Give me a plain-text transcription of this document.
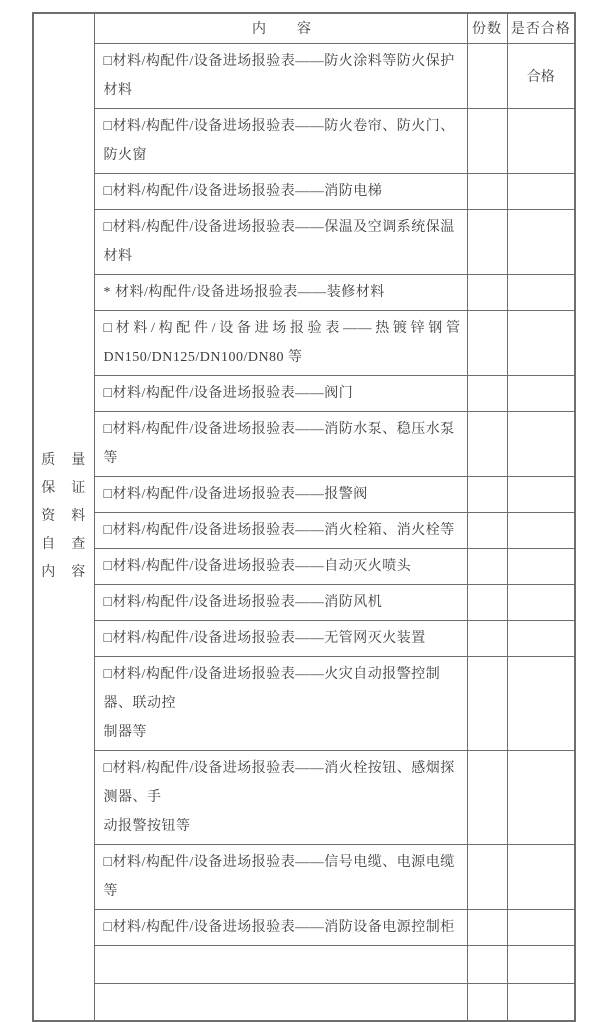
质　量
保　证
资　料
自　查
内　容	内　　容	份数	是否合格

	□材料/构配件/设备进场报验表——防火涂料等防火保护材料		合格

	□材料/构配件/设备进场报验表——防火卷帘、防火门、防火窗		

	□材料/构配件/设备进场报验表——消防电梯		

	□材料/构配件/设备进场报验表——保温及空调系统保温材料		

	* 材料/构配件/设备进场报验表——装修材料		

	□材料/构配件/设备进场报验表——热镀锌钢管
DN150/DN125/DN100/DN80 等		

	□材料/构配件/设备进场报验表——阀门		

	□材料/构配件/设备进场报验表——消防水泵、稳压水泵等		

	□材料/构配件/设备进场报验表——报警阀		

	□材料/构配件/设备进场报验表——消火栓箱、消火栓等		

	□材料/构配件/设备进场报验表——自动灭火喷头		

	□材料/构配件/设备进场报验表——消防风机		

	□材料/构配件/设备进场报验表——无管网灭火装置		

	□材料/构配件/设备进场报验表——火灾自动报警控制器、联动控
制器等		

	□材料/构配件/设备进场报验表——消火栓按钮、感烟探测器、手
动报警按钮等		

	□材料/构配件/设备进场报验表——信号电缆、电源电缆等		

	□材料/构配件/设备进场报验表——消防设备电源控制柜		
